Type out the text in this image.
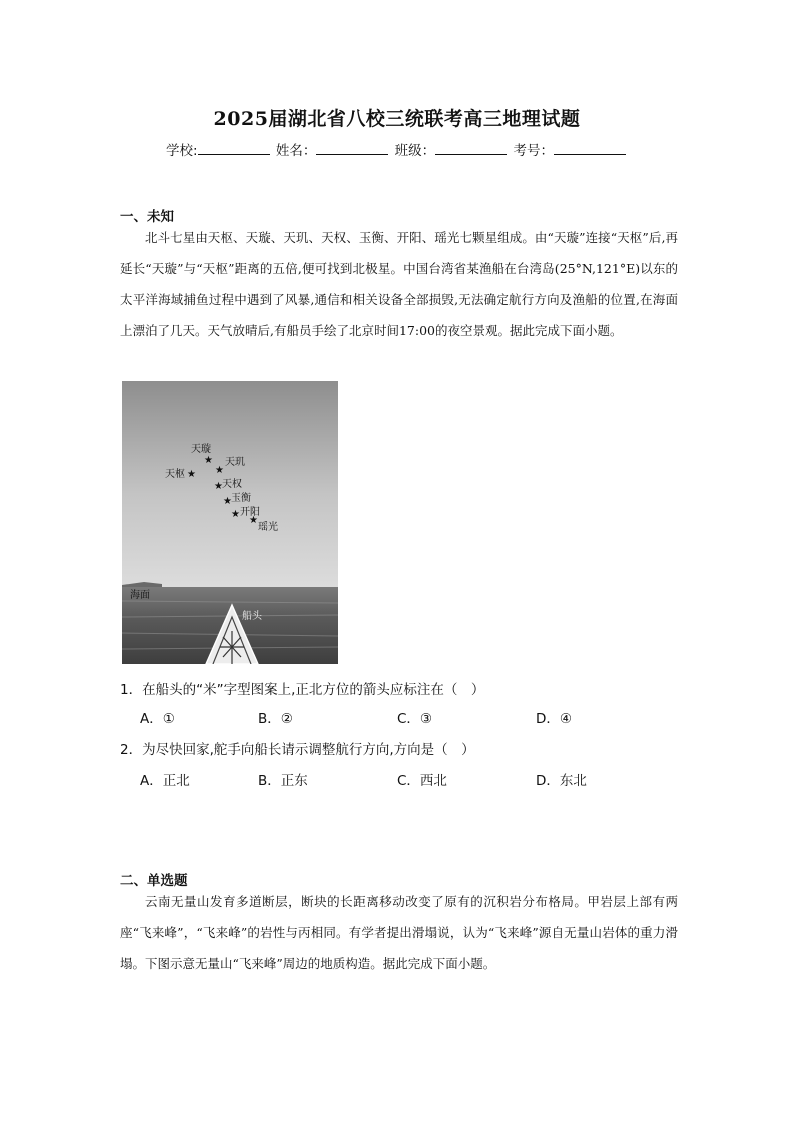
2025届湖北省八校三统联考高三地理试题
学校:	姓名：	班级：	考号：
一、未知
北斗七星由天枢、天璇、天玑、天权、玉衡、开阳、瑶光七颗星组成。由“天璇”连接“天枢”后,再延长“天璇”与“天枢”距离的五倍,便可找到北极星。中国台湾省某渔船在台湾岛(25°N,121°E)以东的太平洋海域捕鱼过程中遇到了风暴,通信和相关设备全部损毁,无法确定航行方向及渔船的位置,在海面上漂泊了几天。天气放晴后,有船员手绘了北京时间17:00的夜空景观。据此完成下面小题。
★
★ ★
★
★
★
★
天璇
天枢
天玑
天权
玉衡
开阳
瑶光
海面
船头
1．在船头的“米”字型图案上,正北方位的箭头应标注在（　）
A．①	B．②	C．③	D．④
2．为尽快回家,舵手向船长请示调整航行方向,方向是（　）
A．正北	B．正东	C．西北	D．东北
二、单选题
云南无量山发育多道断层，断块的长距离移动改变了原有的沉积岩分布格局。甲岩层上部有两座“飞来峰”，“飞来峰”的岩性与丙相同。有学者提出滑塌说，认为“飞来峰”源自无量山岩体的重力滑塌。下图示意无量山“飞来峰”周边的地质构造。据此完成下面小题。
